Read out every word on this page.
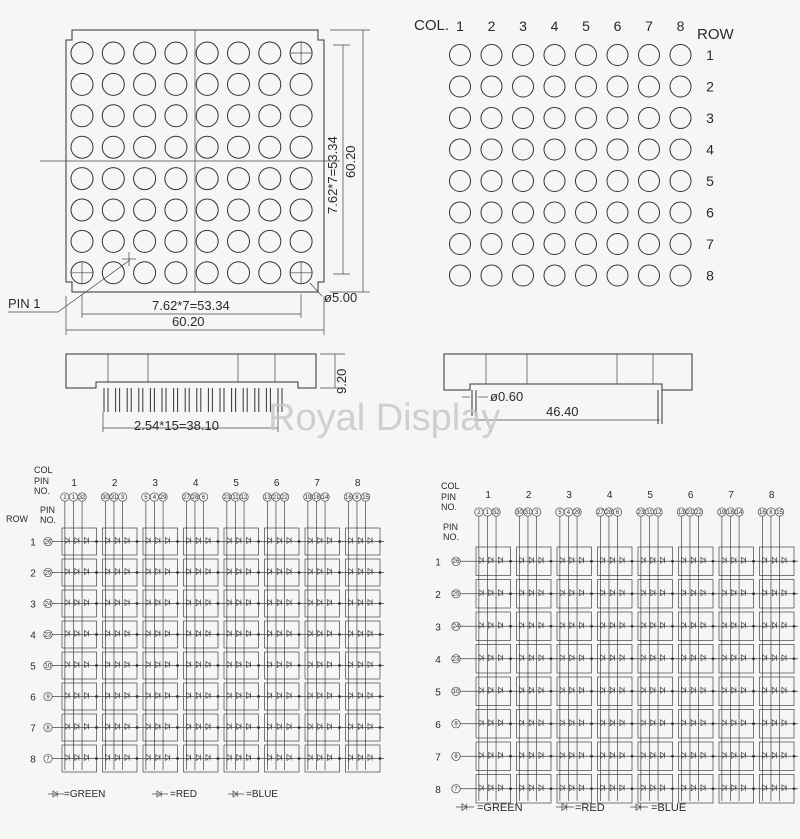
7.62*7=53.34 60.20
7.62*7=53.34
60.20
PIN 1	ø5.00
COL.
ROW
1 2 3 4 5 6 7 8
1
2
3
4
5
6
7
8
9.20
2.54*15=38.10
ø0.60
46.40
Royal Display
COL
PIN
NO.
PIN
NO.
ROW
1
2 1 32
2
30 31 3
3
5 4 29
4
27 28 6
5
23 11 12
6
13 21 22
7
19 18 14
8
16 8 15
1 26
2 25
3 24
4 23
5 10
6 9
7 8
8 7
COL
PIN
NO.
PIN
NO.
1
2 1 32
2
30 31 3
3
5 4 29
4
27 28 6
5
23 11 12
6
13 21 22
7
19 18 14
8
16 8 15
1 26
2 25
3 24
4 23
5 10
6 9
7 8
8 7
=GREEN	=RED	=BLUE
=GREEN	=RED	=BLUE
